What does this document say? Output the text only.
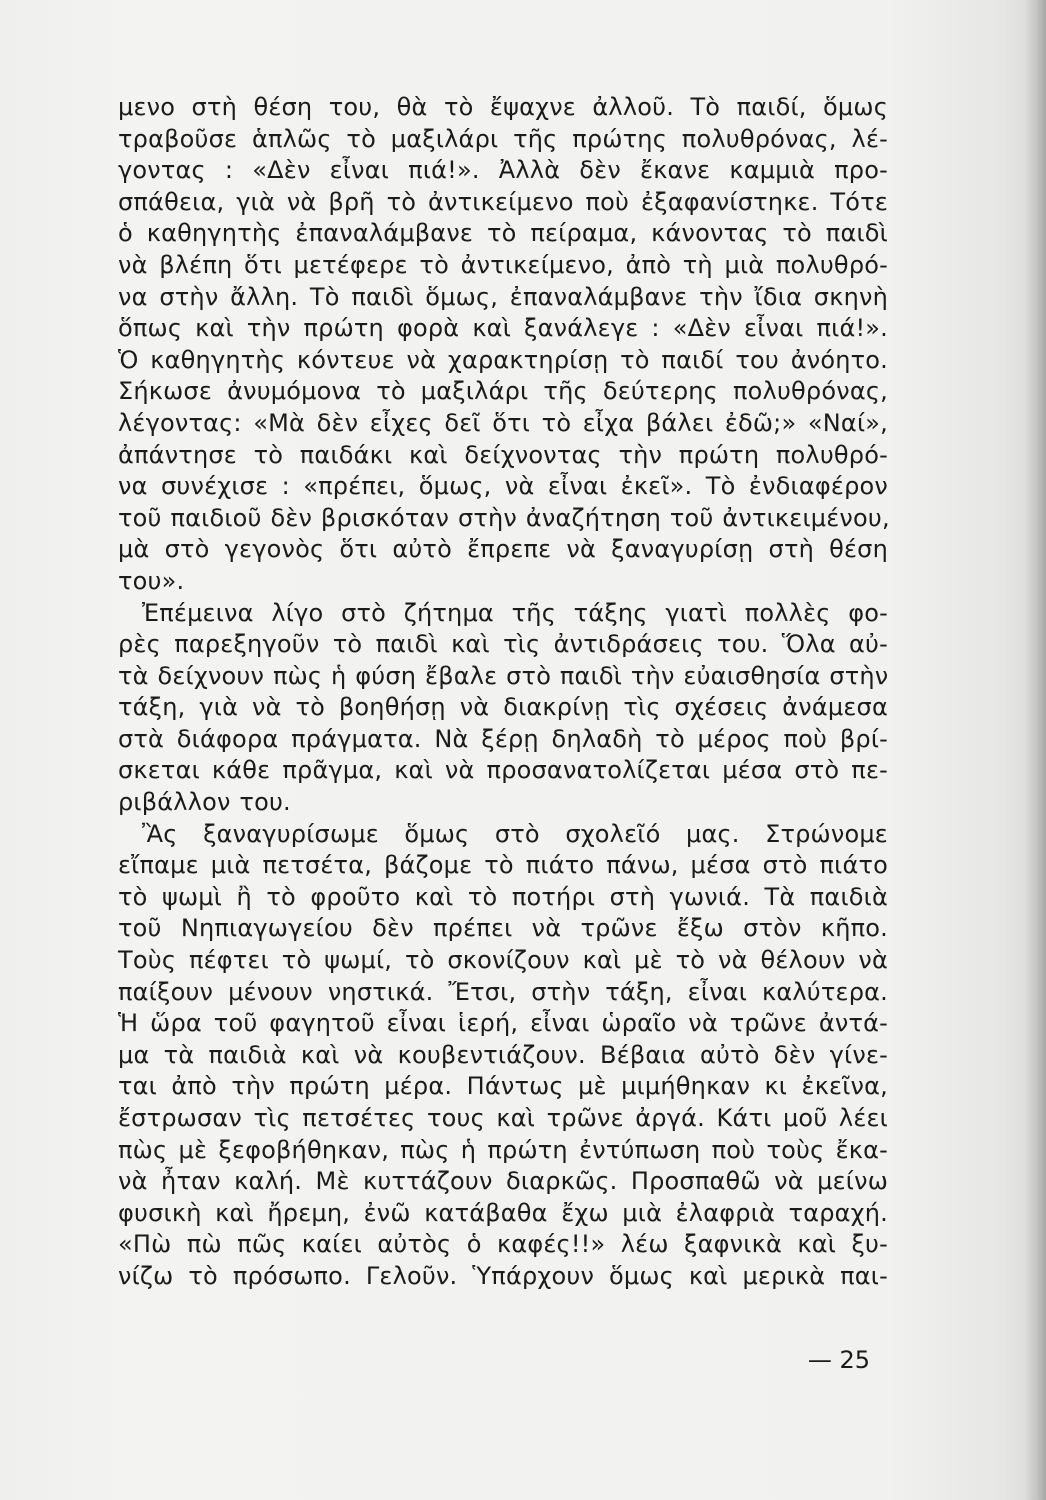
μενο στὴ θέση του, θὰ τὸ ἔψαχνε ἀλλοῦ. Τὸ παιδί, ὅμως
τραβοῦσε ἁπλῶς τὸ μαξιλάρι τῆς πρώτης πολυθρόνας, λέ-
γοντας : «Δὲν εἶναι πιά!». Ἀλλὰ δὲν ἔκανε καμμιὰ προ-
σπάθεια, γιὰ νὰ βρῆ τὸ ἀντικείμενο ποὺ ἐξαφανίστηκε. Τότε
ὁ καθηγητὴς ἐπαναλάμβανε τὸ πείραμα, κάνοντας τὸ παιδὶ
νὰ βλέπη ὅτι μετέφερε τὸ ἀντικείμενο, ἀπὸ τὴ μιὰ πολυθρό-
να στὴν ἄλλη. Τὸ παιδὶ ὅμως, ἐπαναλάμβανε τὴν ἴδια σκηνὴ
ὅπως καὶ τὴν πρώτη φορὰ καὶ ξανάλεγε : «Δὲν εἶναι πιά!».
Ὁ καθηγητὴς κόντευε νὰ χαρακτηρίσῃ τὸ παιδί του ἀνόητο.
Σήκωσε ἀνυμόμονα τὸ μαξιλάρι τῆς δεύτερης πολυθρόνας,
λέγοντας: «Μὰ δὲν εἶχες δεῖ ὅτι τὸ εἶχα βάλει ἐδῶ;» «Ναί»,
ἀπάντησε τὸ παιδάκι καὶ δείχνοντας τὴν πρώτη πολυθρό-
να συνέχισε : «πρέπει, ὅμως, νὰ εἶναι ἐκεῖ». Τὸ ἐνδιαφέρον
τοῦ παιδιοῦ δὲν βρισκόταν στὴν ἀναζήτηση τοῦ ἀντικειμένου,
μὰ στὸ γεγονὸς ὅτι αὐτὸ ἔπρεπε νὰ ξαναγυρίσῃ στὴ θέση
του».
Ἐπέμεινα λίγο στὸ ζήτημα τῆς τάξης γιατὶ πολλὲς φο-
ρὲς παρεξηγοῦν τὸ παιδὶ καὶ τὶς ἀντιδράσεις του. Ὅλα αὐ-
τὰ δείχνουν πὼς ἡ φύση ἔβαλε στὸ παιδὶ τὴν εὐαισθησία στὴν
τάξη, γιὰ νὰ τὸ βοηθήσῃ νὰ διακρίνῃ τὶς σχέσεις ἀνάμεσα
στὰ διάφορα πράγματα. Νὰ ξέρῃ δηλαδὴ τὸ μέρος ποὺ βρί-
σκεται κάθε πρᾶγμα, καὶ νὰ προσανατολίζεται μέσα στὸ πε-
ριβάλλον του.
Ἂς ξαναγυρίσωμε ὅμως στὸ σχολεῖό μας. Στρώνομε
εἴπαμε μιὰ πετσέτα, βάζομε τὸ πιάτο πάνω, μέσα στὸ πιάτο
τὸ ψωμὶ ἢ τὸ φροῦτο καὶ τὸ ποτήρι στὴ γωνιά. Τὰ παιδιὰ
τοῦ Νηπιαγωγείου δὲν πρέπει νὰ τρῶνε ἔξω στὸν κῆπο.
Τοὺς πέφτει τὸ ψωμί, τὸ σκονίζουν καὶ μὲ τὸ νὰ θέλουν νὰ
παίξουν μένουν νηστικά. Ἔτσι, στὴν τάξη, εἶναι καλύτερα.
Ἡ ὥρα τοῦ φαγητοῦ εἶναι ἱερή, εἶναι ὡραῖο νὰ τρῶνε ἀντά-
μα τὰ παιδιὰ καὶ νὰ κουβεντιάζουν. Βέβαια αὐτὸ δὲν γίνε-
ται ἀπὸ τὴν πρώτη μέρα. Πάντως μὲ μιμήθηκαν κι ἐκεῖνα,
ἔστρωσαν τὶς πετσέτες τους καὶ τρῶνε ἀργά. Κάτι μοῦ λέει
πὼς μὲ ξεφοβήθηκαν, πὼς ἡ πρώτη ἐντύπωση ποὺ τοὺς ἔκα-
νὰ ἦταν καλή. Μὲ κυττάζουν διαρκῶς. Προσπαθῶ νὰ μείνω
φυσικὴ καὶ ἤρεμη, ἐνῶ κατάβαθα ἔχω μιὰ ἐλαφριὰ ταραχή.
«Πὼ πὼ πῶς καίει αὐτὸς ὁ καφές!!» λέω ξαφνικὰ καὶ ξυ-
νίζω τὸ πρόσωπο. Γελοῦν. Ὑπάρχουν ὅμως καὶ μερικὰ παι-
— 25
